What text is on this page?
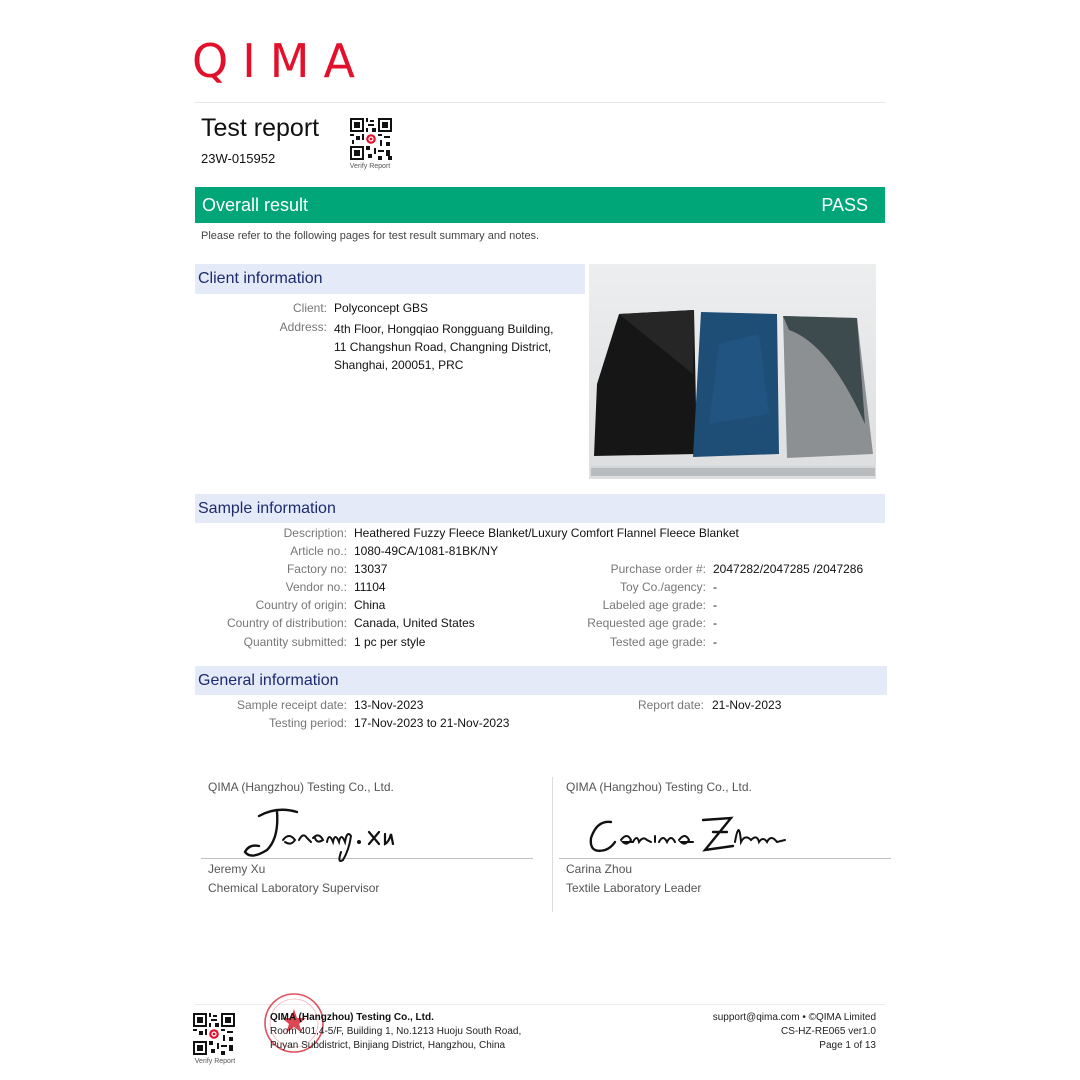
QIMA
Test report
23W-015952
Verify Report
Overall result	PASS
Please refer to the following pages for test result summary and notes.
Client information
Client: Polyconcept GBS
Address: 4th Floor, Hongqiao Rongguang Building,
11 Changshun Road, Changning District,
Shanghai, 200051, PRC
Sample information
Description: Heathered Fuzzy Fleece Blanket/Luxury Comfort Flannel Fleece Blanket
Article no.: 1080-49CA/1081-81BK/NY
Factory no: 13037
Vendor no.: 11104
Country of origin: China
Country of distribution: Canada, United States
Quantity submitted: 1 pc per style
Purchase order #: 2047282/2047285 /2047286
Toy Co./agency: -
Labeled age grade: -
Requested age grade: -
Tested age grade: -
General information
Sample receipt date: 13-Nov-2023
Testing period: 17-Nov-2023 to 21-Nov-2023
Report date: 21-Nov-2023
QIMA (Hangzhou) Testing Co., Ltd.
Jeremy Xu
Chemical Laboratory Supervisor
QIMA (Hangzhou) Testing Co., Ltd.
Carina Zhou
Textile Laboratory Leader
Verify Report
QIMA (Hangzhou) Testing Co., Ltd.
Room 401,4-5/F, Building 1, No.1213 Huoju South Road,
Puyan Subdistrict, Binjiang District, Hangzhou, China
support@qima.com • ©QIMA Limited
CS-HZ-RE065 ver1.0
Page 1 of 13
